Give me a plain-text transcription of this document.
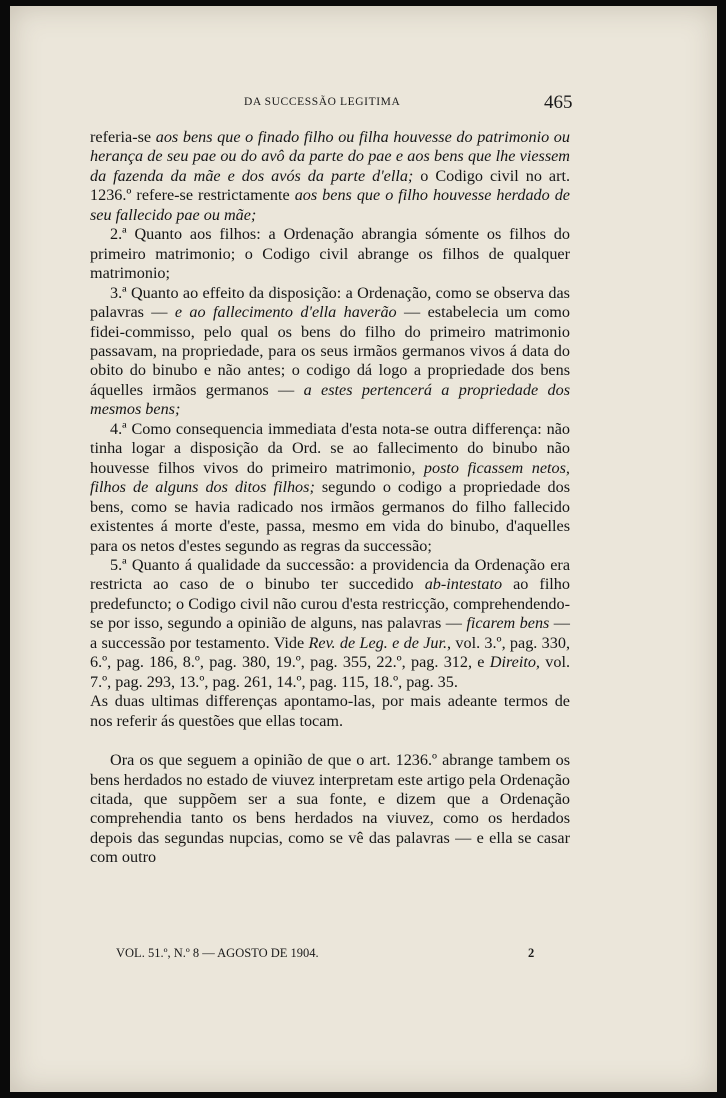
DA SUCCESSÃO LEGITIMA	465

referia-se aos bens que o finado filho ou filha houvesse do patrimonio ou herança de seu pae ou do avô da parte do pae e aos bens que lhe viessem da fazenda da mãe e dos avós da parte d'ella; o Codigo civil no art. 1236.º refere-se restrictamente aos bens que o filho houvesse herdado de seu fallecido pae ou mãe;

2.ª Quanto aos filhos: a Ordenação abrangia sómente os filhos do primeiro matrimonio; o Codigo civil abrange os filhos de qualquer matrimonio;

3.ª Quanto ao effeito da disposição: a Ordenação, como se observa das palavras — e ao fallecimento d'ella haverão — estabelecia um como fidei-commisso, pelo qual os bens do filho do primeiro matrimonio passavam, na propriedade, para os seus irmãos germanos vivos á data do obito do binubo e não antes; o codigo dá logo a propriedade dos bens áquelles irmãos germanos — a estes pertencerá a propriedade dos mesmos bens;

4.ª Como consequencia immediata d'esta nota-se outra differença: não tinha logar a disposição da Ord. se ao fallecimento do binubo não houvesse filhos vivos do primeiro matrimonio, posto ficassem netos, filhos de alguns dos ditos filhos; segundo o codigo a propriedade dos bens, como se havia radicado nos irmãos germanos do filho fallecido existentes á morte d'este, passa, mesmo em vida do binubo, d'aquelles para os netos d'estes segundo as regras da successão;

5.ª Quanto á qualidade da successão: a providencia da Ordenação era restricta ao caso de o binubo ter succedido ab-intestato ao filho predefuncto; o Codigo civil não curou d'esta restricção, comprehendendo-se por isso, segundo a opinião de alguns, nas palavras — ficarem bens — a successão por testamento. Vide Rev. de Leg. e de Jur., vol. 3.º, pag. 330, 6.º, pag. 186, 8.º, pag. 380, 19.º, pag. 355, 22.º, pag. 312, e Direito, vol. 7.º, pag. 293, 13.º, pag. 261, 14.º, pag. 115, 18.º, pag. 35.

As duas ultimas differenças apontamo-las, por mais adeante termos de nos referir ás questões que ellas tocam.

Ora os que seguem a opinião de que o art. 1236.º abrange tambem os bens herdados no estado de viuvez interpretam este artigo pela Ordenação citada, que suppõem ser a sua fonte, e dizem que a Ordenação comprehendia tanto os bens herdados na viuvez, como os herdados depois das segundas nupcias, como se vê das palavras — e ella se casar com outro

VOL. 51.º, N.º 8 — AGOSTO DE 1904.	2
